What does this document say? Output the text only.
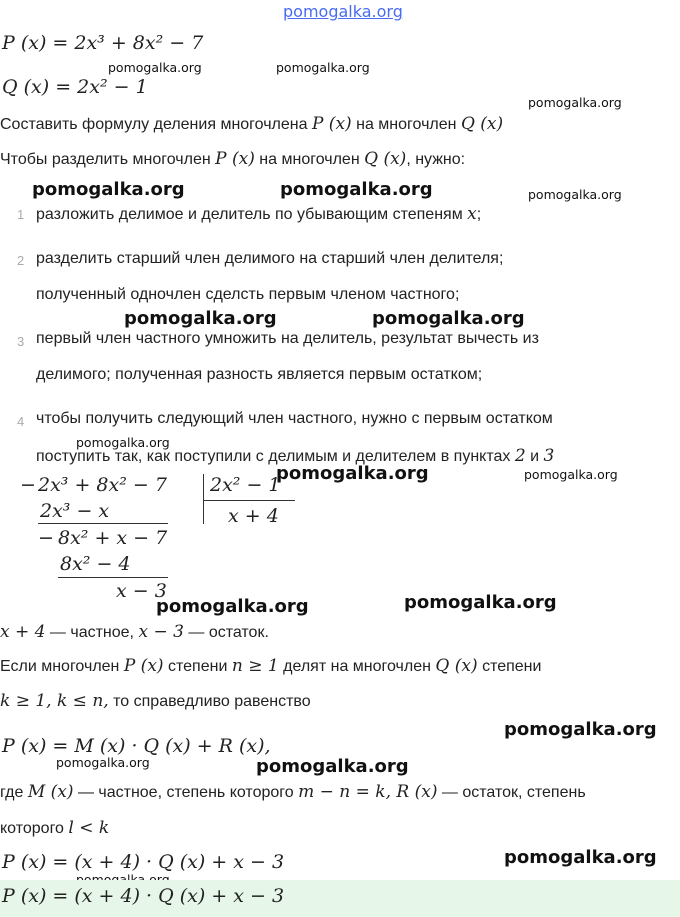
pomogalka.org
P (x) = 2x³ + 8x² − 7
pomogalka.org	pomogalka.org
Q (x) = 2x² − 1
pomogalka.org
Составить формулу деления многочлена P (x) на многочлен Q (x)
Чтобы разделить многочлен P (x) на многочлен Q (x), нужно:
pomogalka.org	pomogalka.org	pomogalka.org
1 разложить делимое и делитель по убывающим степеням x;
2 разделить старший член делимого на старший член делителя;
полученный одночлен сделсть первым членом частного;
pomogalka.org	pomogalka.org
3 первый член частного умножить на делитель, результат вычесть из
делимого; полученная разность является первым остатком;
4 чтобы получить следующий член частного, нужно с первым остатком
pomogalka.org
поступить так, как поступили с делимым и делителем в пунктах 2 и 3
− 2x³ + 8x² − 7
2x³ − x
− 8x² + x − 7
8x² − 4
x − 3
2x² − 1
x + 4
pomogalka.org	pomogalka.org
pomogalka.org	pomogalka.org
x + 4 — частное, x − 3 — остаток.
Если многочлен P (x) степени n ≥ 1 делят на многочлен Q (x) степени
k ≥ 1, k ≤ n, то справедливо равенство
P (x) = M (x) · Q (x) + R (x),
pomogalka.org
pomogalka.org	pomogalka.org
где M (x) — частное, степень которого m − n = k, R (x) — остаток, степень
которого l < k
P (x) = (x + 4) · Q (x) + x − 3	pomogalka.org
P (x) = (x + 4) · Q (x) + x − 3
